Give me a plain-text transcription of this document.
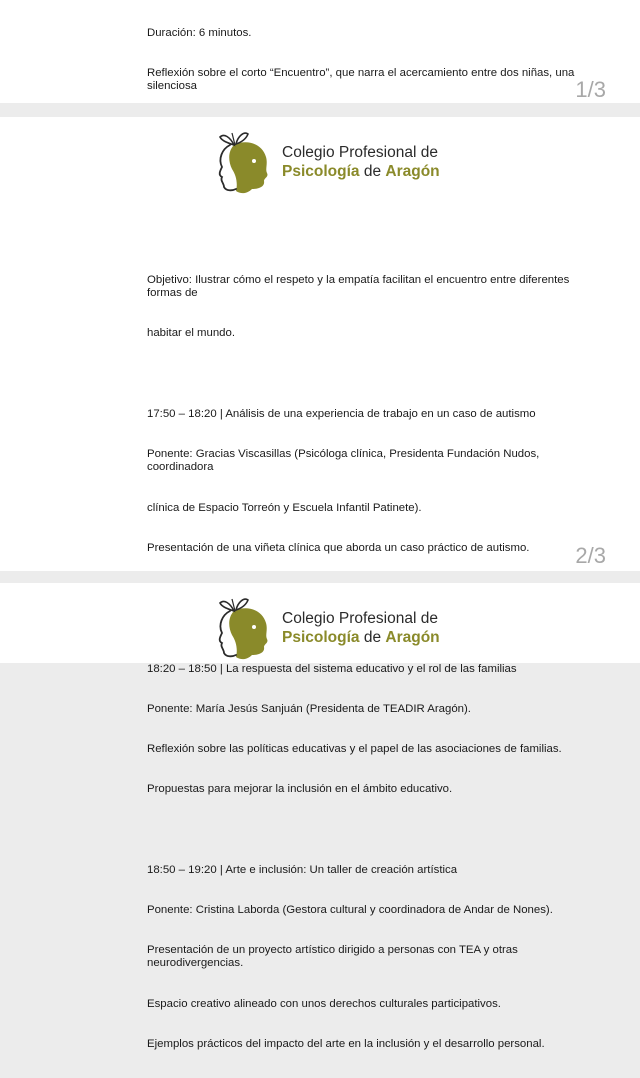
Duración: 6 minutos.

Reflexión sobre el corto “Encuentro”, que narra el acercamiento entre dos niñas, una silenciosa

	1/3
Colegio Profesional de
Psicología de Aragón

Objetivo: Ilustrar cómo el respeto y la empatía facilitan el encuentro entre diferentes formas de

habitar el mundo.

17:50 – 18:20 | Análisis de una experiencia de trabajo en un caso de autismo

Ponente: Gracias Viscasillas (Psicóloga clínica, Presidenta Fundación Nudos, coordinadora

clínica de Espacio Torreón y Escuela Infantil Patinete).

Presentación de una viñeta clínica que aborda un caso práctico de autismo.

18:20 – 18:50 | La respuesta del sistema educativo y el rol de las familias

Ponente: María Jesús Sanjuán (Presidenta de TEADIR Aragón).

Reflexión sobre las políticas educativas y el papel de las asociaciones de familias.

Propuestas para mejorar la inclusión en el ámbito educativo.

18:50 – 19:20 | Arte e inclusión: Un taller de creación artística

Ponente: Cristina Laborda (Gestora cultural y coordinadora de Andar de Nones).

Presentación de un proyecto artístico dirigido a personas con TEA y otras neurodivergencias.

Espacio creativo alineado con unos derechos culturales participativos.

Ejemplos prácticos del impacto del arte en la inclusión y el desarrollo personal.

2/3
Colegio Profesional de
Psicología de Aragón
